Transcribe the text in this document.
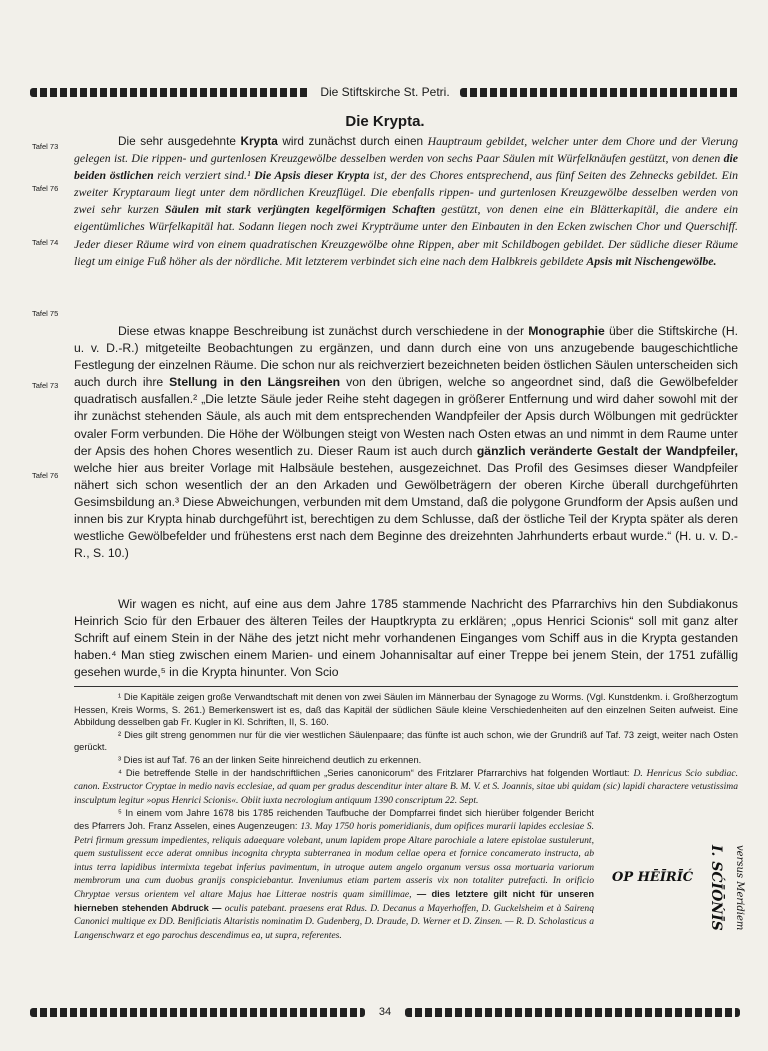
Die Stiftskirche St. Petri.
Die Krypta.
Tafel 73
Tafel 76
Tafel 74
Tafel 75
Tafel 73
Tafel 76

Die sehr ausgedehnte Krypta wird zunächst durch einen Hauptraum gebildet, welcher unter dem Chore und der Vierung gelegen ist. Die rippen- und gurtenlosen Kreuzgewölbe desselben werden von sechs Paar Säulen mit Würfelknäufen gestützt, von denen die beiden östlichen reich verziert sind.¹ Die Apsis dieser Krypta ist, der des Chores entsprechend, aus fünf Seiten des Zehnecks gebildet. Ein zweiter Kryptaraum liegt unter dem nördlichen Kreuzflügel. Die ebenfalls rippen- und gurtenlosen Kreuzgewölbe desselben werden von zwei sehr kurzen Säulen mit stark verjüngten kegelförmigen Schaften gestützt, von denen eine ein Blätterkapitäl, die andere ein eigentümliches Würfelkapitäl hat. Sodann liegen noch zwei Krypträume unter den Einbauten in den Ecken zwischen Chor und Querschiff. Jeder dieser Räume wird von einem quadratischen Kreuzgewölbe ohne Rippen, aber mit Schildbogen gebildet. Der südliche dieser Räume liegt um einige Fuß höher als der nördliche. Mit letzterem verbindet sich eine nach dem Halbkreis gebildete Apsis mit Nischengewölbe.

Diese etwas knappe Beschreibung ist zunächst durch verschiedene in der Monographie über die Stiftskirche (H. u. v. D.-R.) mitgeteilte Beobachtungen zu ergänzen, und dann durch eine von uns anzugebende baugeschichtliche Festlegung der einzelnen Räume. Die schon nur als reichverziert bezeichneten beiden östlichen Säulen unterscheiden sich auch durch ihre Stellung in den Längsreihen von den übrigen, welche so angeordnet sind, daß die Gewölbefelder quadratisch ausfallen.² „Die letzte Säule jeder Reihe steht dagegen in größerer Entfernung und wird daher sowohl mit der ihr zunächst stehenden Säule, als auch mit dem entsprechenden Wandpfeiler der Apsis durch Wölbungen mit gedrückter ovaler Form verbunden. Die Höhe der Wölbungen steigt von Westen nach Osten etwas an und nimmt in dem Raume unter der Apsis des hohen Chores wesentlich zu. Dieser Raum ist auch durch gänzlich veränderte Gestalt der Wandpfeiler, welche hier aus breiter Vorlage mit Halbsäule bestehen, ausgezeichnet. Das Profil des Gesimses dieser Wandpfeiler nähert sich schon wesentlich der an den Arkaden und Gewölbeträgern der oberen Kirche überall durchgeführten Gesimsbildung an.³ Diese Abweichungen, verbunden mit dem Umstand, daß die polygone Grundform der Apsis außen und innen bis zur Krypta hinab durchgeführt ist, berechtigen zu dem Schlusse, daß der östliche Teil der Krypta später als deren westliche Gewölbefelder und frühestens erst nach dem Beginne des dreizehnten Jahrhunderts erbaut wurde.“ (H. u. v. D.-R., S. 10.)

Wir wagen es nicht, auf eine aus dem Jahre 1785 stammende Nachricht des Pfarrarchivs hin den Subdiakonus Heinrich Scio für den Erbauer des älteren Teiles der Hauptkrypta zu erklären; „opus Henrici Scionis“ soll mit ganz alter Schrift auf einem Stein in der Nähe des jetzt nicht mehr vorhandenen Einganges vom Schiff aus in die Krypta gestanden haben.⁴ Man stieg zwischen einem Marien- und einem Johannisaltar auf einer Treppe bei jenem Stein, der 1751 zufällig gesehen wurde,⁵ in die Krypta hinunter. Von Scio

¹ Die Kapitäle zeigen große Verwandtschaft mit denen von zwei Säulen im Männerbau der Synagoge zu Worms. (Vgl. Kunstdenkm. i. Großherzogtum Hessen, Kreis Worms, S. 261.) Bemerkenswert ist es, daß das Kapitäl der südlichen Säule kleine Verschiedenheiten auf den einzelnen Seiten aufweist. Eine Abbildung desselben gab Fr. Kugler in Kl. Schriften, II, S. 160.

² Dies gilt streng genommen nur für die vier westlichen Säulenpaare; das fünfte ist auch schon, wie der Grundriß auf Taf. 73 zeigt, weiter nach Osten gerückt.

³ Dies ist auf Taf. 76 an der linken Seite hinreichend deutlich zu erkennen.

⁴ Die betreffende Stelle in der handschriftlichen „Series canonicorum“ des Fritzlarer Pfarrarchivs hat folgenden Wortlaut: D. Henricus Scio subdiac. canon. Exstructor Cryptae in medio navis ecclesiae, ad quam per gradus descenditur inter altare B. M. V. et S. Joannis, sitae ubi quidam (sic) lapidi charactere vetustissima insculptum legitur »opus Henrici Scionis«. Obiit iuxta necrologium antiquum 1390 conscriptum 22. Sept.

⁵ In einem vom Jahre 1678 bis 1785 reichenden Taufbuche der Dompfarrei findet sich hierüber folgender Bericht des Pfarrers Joh. Franz Asselen, eines Augenzeugen: 13. May 1750 horis pomeridianis, dum opifices murarii lapides ecclesiae S. Petri firmum gressum impedientes, reliquis adaequare volebant, unum lapidem prope Altare parochiale a latere epistolae sustulerunt, quem sustulissent ecce aderat omnibus incognita chrypta subterranea in modum cellae opera et fornice concamerato instructa, ab intus terra lapidibus intermixta tegebat inferius pavimentum, in utroque autem angelo organum versus ossa mortuaria variorum membrorum una cum duobus granijs conspiciebantur. Inveniumus etiam partem asseris vix non totaliter putrefacti. In orificio Chryptae versus orientem vel altare Majus hae Litterae nostris quam simillimae, — dies letztere gilt nicht für unseren hierneben stehenden Abdruck — oculis patebant. praesens erat Rdus. D. Decanus a Mayerhoffen, D. Guckelsheim et à Sairenq Canonici multique ex DD. Benificiatis Altaristis nominatim D. Gudenberg, D. Draude, D. Werner et D. Zinsen. — R. D. Scholasticus a Langenschwarz et ego parochus descendimus ea, ut supra, referentes.

OP HĒĪRĪĆ I. SĆĪŌŃĪS versus Meridiem
34
